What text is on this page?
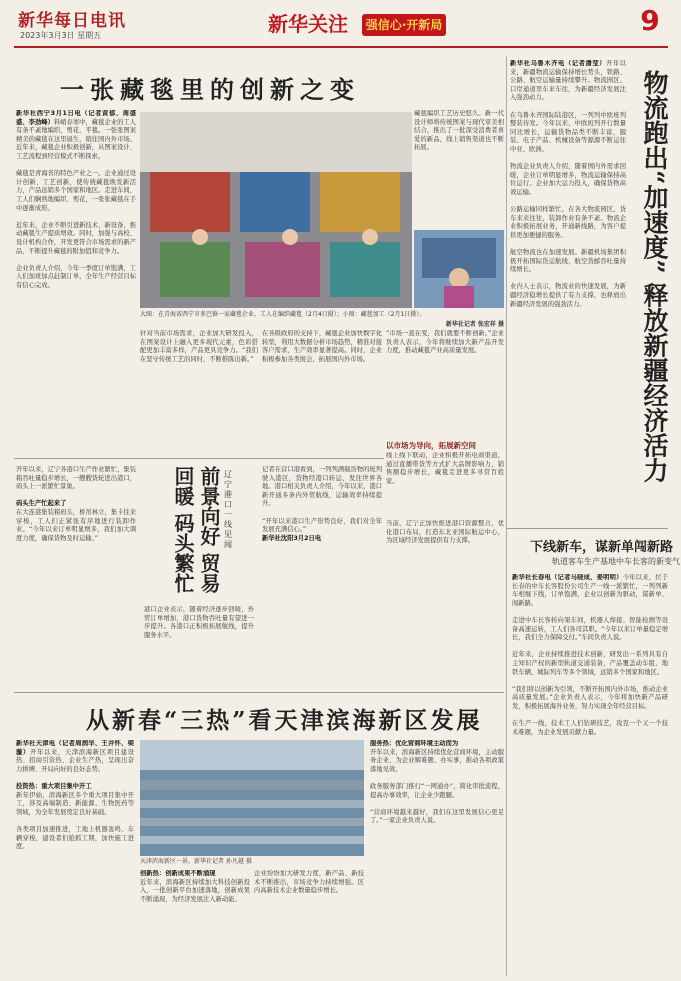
新华每日电讯
2023年3月3日 星期五	新华关注	强信心·开新局	9
一张藏毯里的创新之变
新华社西宁3月1日电（记者黄郁、周盛盛、李劲峰）料峭春寒中，藏毯企业的工人有条不紊地编织、剪花、平毯。一张张图案精美的藏毯在这里诞生，销往国内外市场。近年来，藏毯企业积极创新，从图案设计、工艺流程到经营模式不断探索。

藏毯是青海省的特色产业之一。企业通过设计创新、工艺创新，使传统藏毯焕发新活力，产品远销多个国家和地区。走进车间，工人们娴熟地编织、剪花，一张张藏毯在手中逐渐成形。

近年来，企业不断引进新技术、新设备，推动藏毯生产提质增效。同时，加强与高校、设计机构合作，开发更符合市场需求的新产品，不断提升藏毯的附加值和竞争力。

企业负责人介绍，今年一季度订单饱满，工人们加班加点赶制订单，全年生产经营目标有信心完成。
大图：在青海省西宁市多巴镇一家藏毯企业，工人在编织藏毯（2月4日摄）；小图：藏毯加工（2月1日摄）。
新华社记者 张宏祥 摄
藏毯编织工艺历史悠久。新一代设计师将传统图案与现代审美相结合，推出了一批深受消费者喜爱的新品，线上销售渠道也不断拓展。
针对当前市场需求，企业加大研发投入，在图案设计上融入更多现代元素，色彩搭配更加丰富多样，产品更具竞争力。“我们在坚守传统工艺的同时，不断推陈出新。”
在各级政府的支持下，藏毯企业加快数字化转型，利用大数据分析市场趋势，精准对接客户需求，生产效率显著提高。同时，企业积极参加各类展会，拓展国内外市场。
“市场一直在变，我们就要不断创新。”企业负责人表示，今年将继续加大新产品开发力度，推动藏毯产业高质量发展。
以市场为导向，拓展新空间
线上线下联动，企业积极开拓电商渠道，通过直播带货等方式扩大品牌影响力，销售额稳步增长，藏毯走进更多寻常百姓家。
开年以来，辽宁各港口生产作业繁忙，集装箱吞吐量稳步增长，一艘艘货轮进出港口，码头上一派繁忙景象。

码头生产忙起来了
在大连港集装箱码头，桥吊林立，集卡往来穿梭，工人们正紧张有序地进行装卸作业。“今年以来订单明显增多，我们加大调度力度，确保货物及时运输。”	前景向好 贸易回暖 码头繁忙	辽宁港口一线见闻
港口企业表示，随着经济逐步回暖，外贸订单增加，港口货物吞吐量有望进一步提升。各港口正积极拓展航线，提升服务水平。
记者在营口港看到，一列列满载货物的班列驶入港区，货物经港口转运，发往世界各地。港口相关负责人介绍，今年以来，港口新开通多条内外贸航线，运输效率持续提升。

“开年以来港口生产形势良好，我们对全年发展充满信心。”
新华社沈阳3月2日电
当前，辽宁正加快推进港口资源整合，优化港口布局，打造东北亚国际航运中心，为区域经济发展提供有力支撑。
物流跑出“加速度” 释放新疆经济活力
新华社乌鲁木齐电（记者潘莹）开年以来，新疆物流运输保持增长势头，铁路、公路、航空运输量持续攀升。物流园区、口岸通道里车来车往，为新疆经济发展注入强劲动力。

在乌鲁木齐国际陆港区，一列列中欧班列整装待发。今年以来，中欧班列开行数量同比增长，运输货物品类不断丰富，服装、电子产品、机械设备等源源不断运往中亚、欧洲。

物流企业负责人介绍，随着国内外需求回暖，企业订单明显增多，物流运输保持高位运行。企业加大运力投入，确保货物高效运输。

公路运输同样繁忙。在各大物流园区，货车来来往往，装卸作业有条不紊。物流企业积极拓展业务，开通新线路，为客户提供更加便捷的服务。

航空物流也在加速发展。新疆机场集团积极开拓国际货运航线，航空货邮吞吐量持续增长。

业内人士表示，物流业的快速发展，为新疆经济稳增长提供了有力支撑，也释放出新疆经济发展的强劲活力。
下线新车，谋新单闯新路
轨道客车生产基地中车长客的新变气
新华社长春电（记者马晓成、姜明明）今年以来，位于长春的中车长客股份公司生产一线一派繁忙，一列列新车相继下线，订单饱满，企业以创新为驱动，谋新单、闯新路。

走进中车长客转向架车间，机器人焊接、智能检测等设备高速运转，工人们各司其职。“今年以来订单量稳定增长，我们全力保障交付。”车间负责人说。

近年来，企业持续推进技术创新，研发出一系列具有自主知识产权的新型轨道交通装备，产品覆盖动车组、地铁车辆、城际列车等多个领域，远销多个国家和地区。

“我们将以创新为引领，不断开拓国内外市场，推动企业高质量发展。”企业负责人表示，今年将加快新产品研发，积极拓展海外业务，努力实现全年经营目标。

在生产一线，技术工人们钻研技艺，攻克一个又一个技术难题，为企业发展贡献力量。
从新春“三热”看天津滨海新区发展
新华社天津电（记者周润华、王井怀、梁璇）开年以来，天津滨海新区项目建设热、招商引资热、企业生产热，呈现出奋力拼搏、开局向好的良好态势。

投资热：重大项目集中开工
新年伊始，滨海新区多个重大项目集中开工，涉及高端制造、新能源、生物医药等领域，为全年发展奠定良好基础。

各类项目加速推进，工地上机器轰鸣、车辆穿梭，建设者们抢抓工期，加快施工进度。
天津滨海新区一景。新华社记者 孙凡越 摄
创新热：创新成果不断涌现
近年来，滨海新区持续加大科技创新投入，一批创新平台加速落地，创新成果不断涌现，为经济发展注入新动能。
企业纷纷加大研发力度，新产品、新技术不断推出，市场竞争力持续增强。区内高新技术企业数量稳步增长。
服务热：优化营商环境主动而为
开年以来，滨海新区持续优化营商环境，主动服务企业，为企业解难题、办实事，推动各项政策落地见效。

政务服务部门推行“一网通办”，简化审批流程，提高办事效率，让企业少跑腿。

“营商环境越来越好，我们在这里发展信心更足了。”一家企业负责人说。
